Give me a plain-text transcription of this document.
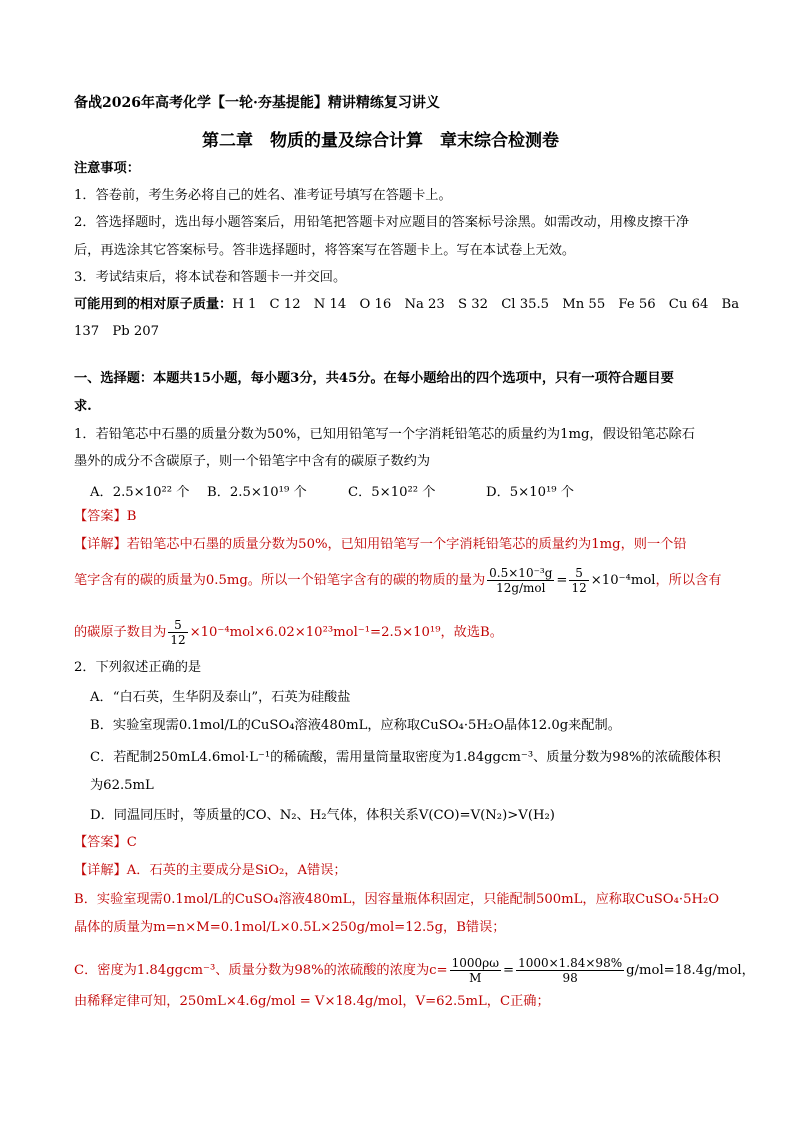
备战2026年高考化学【一轮·夯基提能】精讲精练复习讲义
第二章　物质的量及综合计算　章末综合检测卷
注意事项：
1．答卷前，考生务必将自己的姓名、准考证号填写在答题卡上。
2．答选择题时，选出每小题答案后，用铅笔把答题卡对应题目的答案标号涂黑。如需改动，用橡皮擦干净
后，再选涂其它答案标号。答非选择题时，将答案写在答题卡上。写在本试卷上无效。
3．考试结束后，将本试卷和答题卡一并交回。
可能用到的相对原子质量：H 1　C 12　N 14　O 16　Na 23　S 32　Cl 35.5　Mn 55　Fe 56　Cu 64　Ba
137　Pb 207
一、选择题：本题共15小题，每小题3分，共45分。在每小题给出的四个选项中，只有一项符合题目要
求.
1．若铅笔芯中石墨的质量分数为50%，已知用铅笔写一个字消耗铅笔芯的质量约为1mg，假设铅笔芯除石
墨外的成分不含碳原子，则一个铅笔字中含有的碳原子数约为
A．2.5×10²² 个 B．2.5×10¹⁹ 个	C．5×10²² 个	D．5×10¹⁹ 个
【答案】B
【详解】若铅笔芯中石墨的质量分数为50%，已知用铅笔写一个字消耗铅笔芯的质量约为1mg，则一个铅
笔字含有的碳的质量为0.5mg。所以一个铅笔字含有的碳的物质的量为 $\frac{\text{0.5×10⁻³g}}{\text{12g/mol}} = \frac{5}{12} \times 10^{-4}mol$，所以含有
的碳原子数目为 $\frac{5}{12} \times 10^{-4}mol\times 6.02\times 10^{23}mol^{-1}=2.5\times 10^{19}$，故选B。
2．下列叙述正确的是
A．“白石英，生华阴及泰山”，石英为硅酸盐
B．实验室现需0.1mol/L的CuSO₄溶液480mL，应称取CuSO₄·5H₂O晶体12.0g来配制。
C．若配制250mL4.6mol·L⁻¹的稀硫酸，需用量筒量取密度为1.84ggcm⁻³、质量分数为98%的浓硫酸体积
为62.5mL
D．同温同压时，等质量的CO、N₂、H₂气体，体积关系V(CO)=V(N₂)>V(H₂)
【答案】C
【详解】A．石英的主要成分是SiO₂，A错误；
B．实验室现需0.1mol/L的CuSO₄溶液480mL，因容量瓶体积固定，只能配制500mL，应称取CuSO₄·5H₂O
晶体的质量为m=n×M=0.1mol/L×0.5L×250g/mol=12.5g，B错误；
C．密度为1.84ggcm⁻³、质量分数为98%的浓硫酸的浓度为$c= \frac{1000\rho\omega}{M} = \frac{1000\times 1.84\times 98\%}{98} g/mol=18.4g/mol$，
由稀释定律可知，250mL×4.6g/mol = V×18.4g/mol，V=62.5mL，C正确；
